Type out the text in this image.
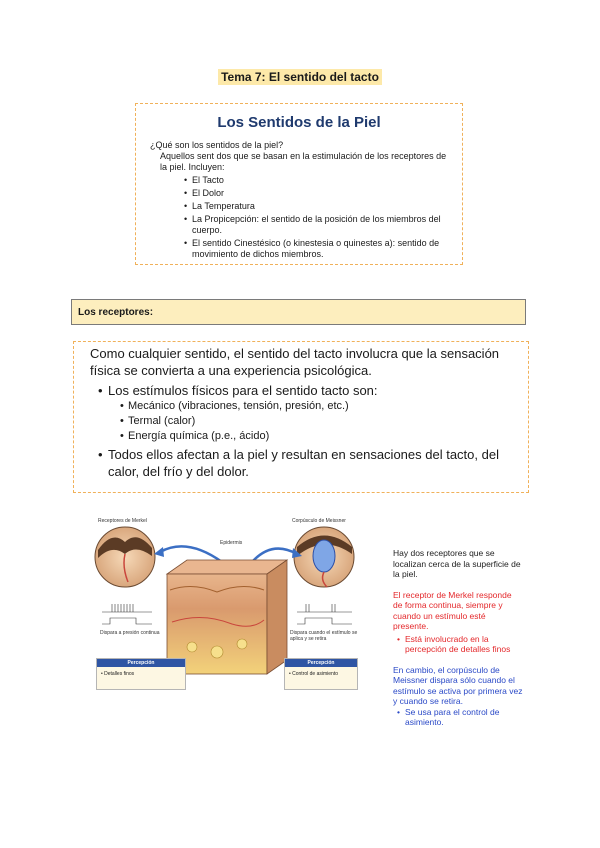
Tema 7: El sentido del tacto
Los Sentidos de la Piel
¿Qué son los sentidos de la piel?
Aquellos sent dos que se basan en la estimulación de los receptores de la piel. Incluyen:
• El Tacto
• El Dolor
• La Temperatura
• La Propicepción: el sentido de la posición de los miembros del cuerpo.
• El sentido Cinestésico (o kinestesia o quinestes a): sentido de movimiento de dichos miembros.
Los receptores:
Como cualquier sentido, el sentido del tacto involucra que la sensación física se convierta a una experiencia psicológica.
• Los estímulos físicos para el sentido tacto son:
• Mecánico (vibraciones, tensión, presión, etc.)
• Termal (calor)
• Energía química (p.e., ácido)
• Todos ellos afectan a la piel y resultan en sensaciones del tacto, del calor, del frío y del dolor.
Receptores de Merkel	Corpúsculo de Meissner
Epidermis
Dispara a presión continua	Dispara cuando el estímulo se aplica y se retira
Percepción
• Detalles finos
Percepción
• Control de asimiento

Hay dos receptores que se localizan cerca de la superficie de la piel.

El receptor de Merkel responde de forma continua, siempre y cuando un estímulo esté presente.

• Está involucrado en la percepción de detalles finos

En cambio, el corpúsculo de Meissner dispara sólo cuando el estímulo se activa por primera vez y cuando se retira.

• Se usa para el control de asimiento.
